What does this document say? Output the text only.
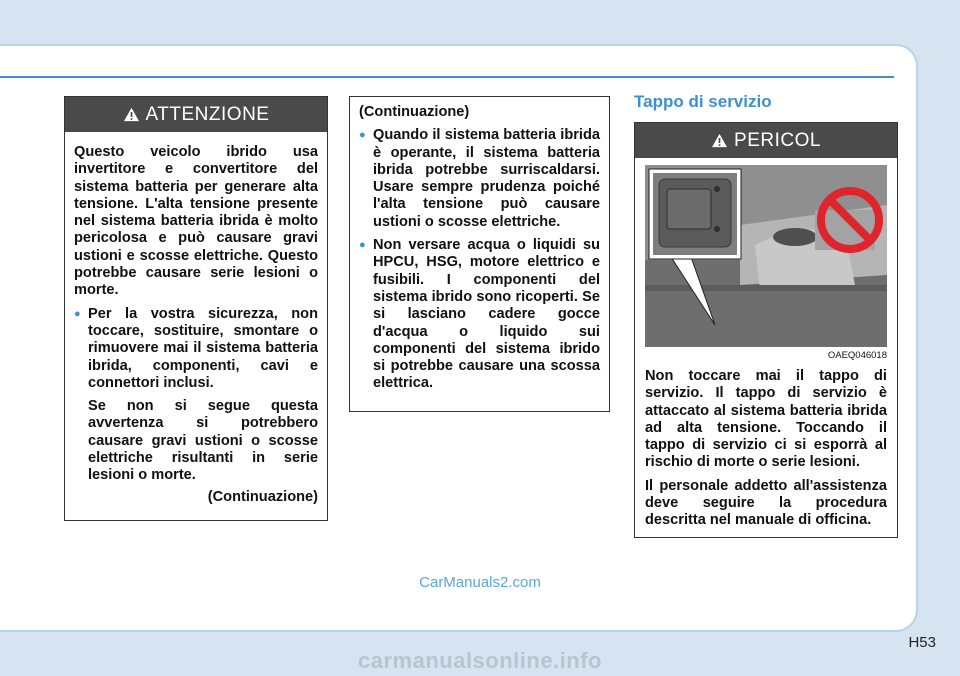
ATTENZIONE
Questo veicolo ibrido usa invertitore e convertitore del sistema batteria per generare alta tensione. L'alta tensione presente nel sistema batteria ibrida è molto pericolosa e può causare gravi ustioni e scosse elettriche. Questo potrebbe causare serie lesioni o morte.
● Per la vostra sicurezza, non toccare, sostituire, smontare o rimuovere mai il sistema batteria ibrida, componenti, cavi e connettori inclusi.
Se non si segue questa avvertenza si potrebbero causare gravi ustioni o scosse elettriche risultanti in serie lesioni o morte.
(Continuazione)
(Continuazione)
● Quando il sistema batteria ibrida è operante, il sistema batteria ibrida potrebbe surriscaldarsi. Usare sempre prudenza poiché l'alta tensione può causare ustioni o scosse elettriche.
● Non versare acqua o liquidi su HPCU, HSG, motore elettrico e fusibili. I componenti del sistema ibrido sono ricoperti. Se si lasciano cadere gocce d'acqua o liquido sui componenti del sistema ibrido si potrebbe causare una scossa elettrica.
Tappo di servizio
PERICOL
OAEQ046018
Non toccare mai il tappo di servizio. Il tappo di servizio è attaccato al sistema batteria ibrida ad alta tensione. Toccando il tappo di servizio ci si esporrà al rischio di morte o serie lesioni.
Il personale addetto all'assistenza deve seguire la procedura descritta nel manuale di officina.
CarManuals2.com
H53
carmanualsonline.info
